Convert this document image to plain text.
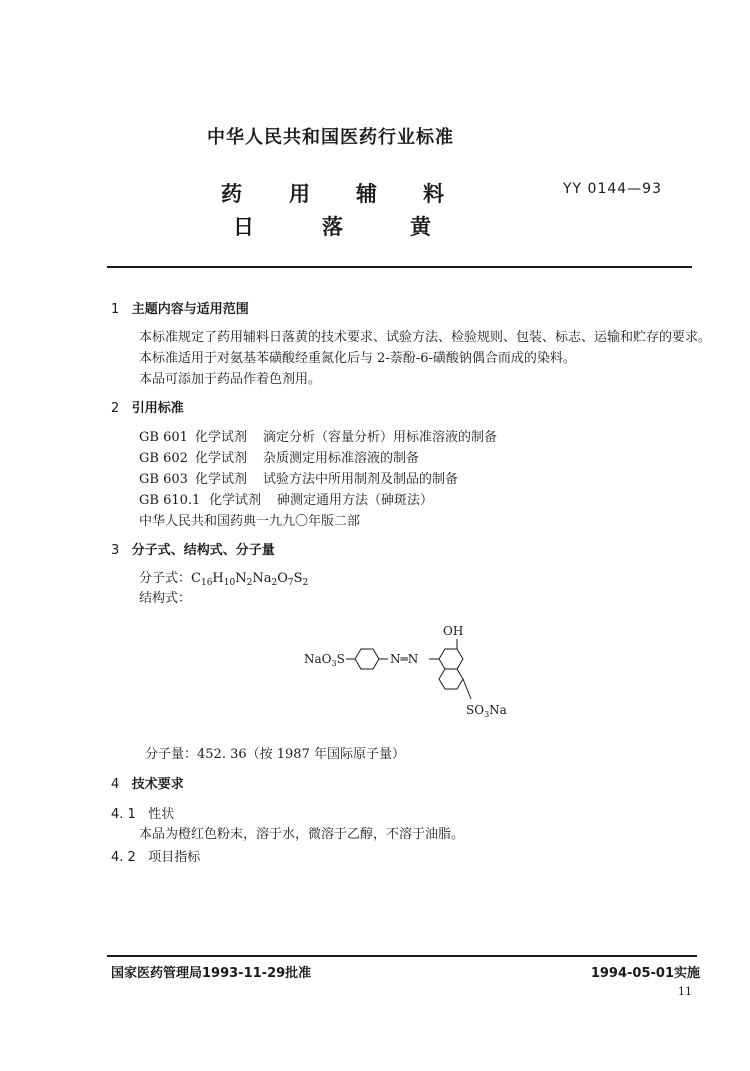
中华人民共和国医药行业标准
药 用 辅 料
日	落	黄
YY 0144—93
1 主题内容与适用范围
本标准规定了药用辅料日落黄的技术要求、试验方法、检验规则、包装、标志、运输和贮存的要求。
本标准适用于对氨基苯磺酸经重氮化后与 2-萘酚-6-磺酸钠偶合而成的染料。
本品可添加于药品作着色剂用。
2 引用标准
GB 601 化学试剂 滴定分析（容量分析）用标准溶液的制备
GB 602 化学试剂 杂质测定用标准溶液的制备
GB 603 化学试剂 试验方法中所用制剂及制品的制备
GB 610.1 化学试剂 砷测定通用方法（砷斑法）
中华人民共和国药典一九九〇年版二部
3 分子式、结构式、分子量
分子式：$C_{16}H_{10}N_2Na_2O_7S_2$
结构式：
NaO$_3$S	N═N
OH
$SO_3Na$
分子量：452. 36（按 1987 年国际原子量）
4 技术要求
4. 1 性状
本品为橙红色粉末，溶于水，微溶于乙醇，不溶于油脂。
4. 2 项目指标
国家医药管理局1993-11-29批准	1994-05-01实施
11
